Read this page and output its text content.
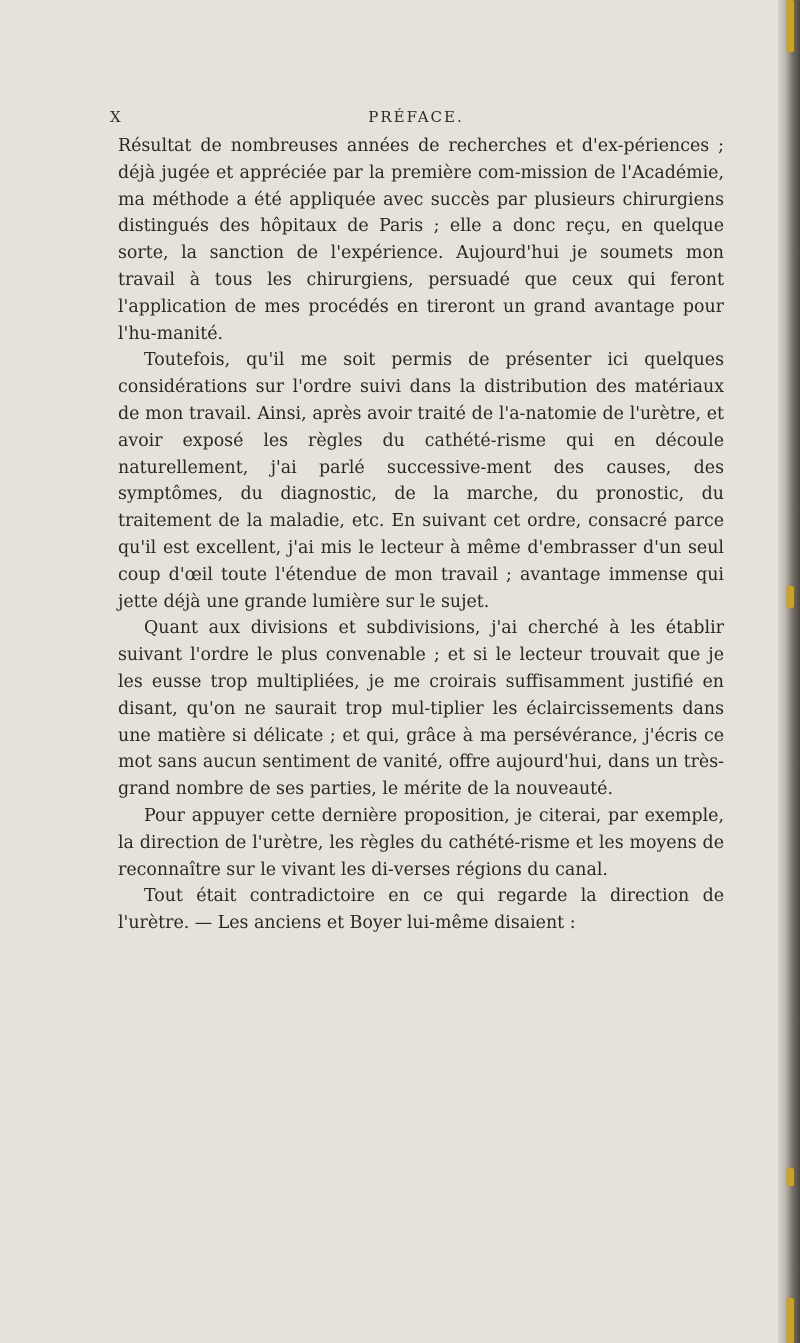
X	PRÉFACE.

Résultat de nombreuses années de recherches et d'ex-périences ; déjà jugée et appréciée par la première com-mission de l'Académie, ma méthode a été appliquée avec succès par plusieurs chirurgiens distingués des hôpitaux de Paris ; elle a donc reçu, en quelque sorte, la sanction de l'expérience. Aujourd'hui je soumets mon travail à tous les chirurgiens, persuadé que ceux qui feront l'application de mes procédés en tireront un grand avantage pour l'hu-manité.

Toutefois, qu'il me soit permis de présenter ici quelques considérations sur l'ordre suivi dans la distribution des matériaux de mon travail. Ainsi, après avoir traité de l'a-natomie de l'urètre, et avoir exposé les règles du cathété-risme qui en découle naturellement, j'ai parlé successive-ment des causes, des symptômes, du diagnostic, de la marche, du pronostic, du traitement de la maladie, etc. En suivant cet ordre, consacré parce qu'il est excellent, j'ai mis le lecteur à même d'embrasser d'un seul coup d'œil toute l'étendue de mon travail ; avantage immense qui jette déjà une grande lumière sur le sujet.

Quant aux divisions et subdivisions, j'ai cherché à les établir suivant l'ordre le plus convenable ; et si le lecteur trouvait que je les eusse trop multipliées, je me croirais suffisamment justifié en disant, qu'on ne saurait trop mul-tiplier les éclaircissements dans une matière si délicate ; et qui, grâce à ma persévérance, j'écris ce mot sans aucun sentiment de vanité, offre aujourd'hui, dans un très-grand nombre de ses parties, le mérite de la nouveauté.

Pour appuyer cette dernière proposition, je citerai, par exemple, la direction de l'urètre, les règles du cathété-risme et les moyens de reconnaître sur le vivant les di-verses régions du canal.

Tout était contradictoire en ce qui regarde la direction de l'urètre. — Les anciens et Boyer lui-même disaient :
